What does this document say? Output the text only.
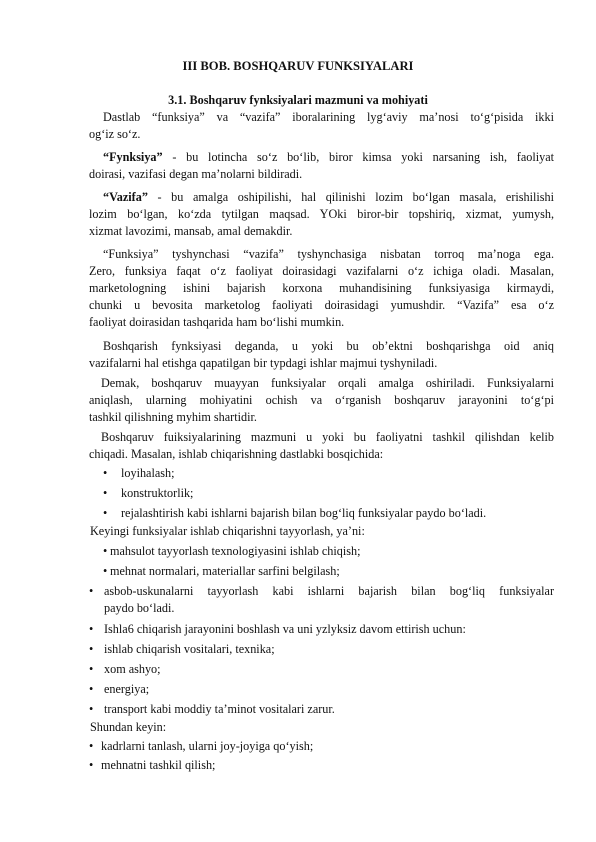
III BOB. BOSHQARUV FUNKSIYALARI
3.1. Boshqaruv fynksiyalari mazmuni va mohiyati
Dastlab “funksiya” va “vazifa” iboralarining lyg‘aviy ma’nosi to‘g‘pisida ikki
og‘iz so‘z.
“Fynksiya” - bu lotincha so‘z bo‘lib, biror kimsa yoki narsaning ish, faoliyat
doirasi, vazifasi degan ma’nolarni bildiradi.
“Vazifa” - bu amalga oshipilishi, hal qilinishi lozim bo‘lgan masala, erishilishi
lozim bo‘lgan, ko‘zda tytilgan maqsad. YOki biror-bir topshiriq, xizmat, yumysh,
xizmat lavozimi, mansab, amal demakdir.
“Funksiya” tyshynchasi “vazifa” tyshynchasiga nisbatan torroq ma’noga ega.
Zero, funksiya faqat o‘z faoliyat doirasidagi vazifalarni o‘z ichiga oladi. Masalan,
marketologning ishini bajarish korxona muhandisining funksiyasiga kirmaydi,
chunki u bevosita marketolog faoliyati doirasidagi yumushdir. “Vazifa” esa o‘z
faoliyat doirasidan tashqarida ham bo‘lishi mumkin.
Boshqarish fynksiyasi deganda, u yoki bu ob’ektni boshqarishga oid aniq
vazifalarni hal etishga qapatilgan bir typdagi ishlar majmui tyshyniladi.
Demak, boshqaruv muayyan funksiyalar orqali amalga oshiriladi. Funksiyalarni
aniqlash, ularning mohiyatini ochish va o‘rganish boshqaruv jarayonini to‘g‘pi
tashkil qilishning myhim shartidir.
Boshqaruv fuiksiyalarining mazmuni u yoki bu faoliyatni tashkil qilishdan kelib
chiqadi. Masalan, ishlab chiqarishning dastlabki bosqichida:
• loyihalash;
• konstruktorlik;
• rejalashtirish kabi ishlarni bajarish bilan bog‘liq funksiyalar paydo bo‘ladi.
Keyingi funksiyalar ishlab chiqarishni tayyorlash, ya’ni:
• mahsulot tayyorlash texnologiyasini ishlab chiqish;
• mehnat normalari, materiallar sarfini belgilash;
• asbob-uskunalarni tayyorlash kabi ishlarni bajarish bilan bog‘liq funksiyalar
paydo bo‘ladi.
• Ishla6 chiqarish jarayonini boshlash va uni yzlyksiz davom ettirish uchun:
• ishlab chiqarish vositalari, texnika;
• xom ashyo;
• energiya;
• transport kabi moddiy ta’minot vositalari zarur.
Shundan keyin:
• kadrlarni tanlash, ularni joy-joyiga qo‘yish;
• mehnatni tashkil qilish;
